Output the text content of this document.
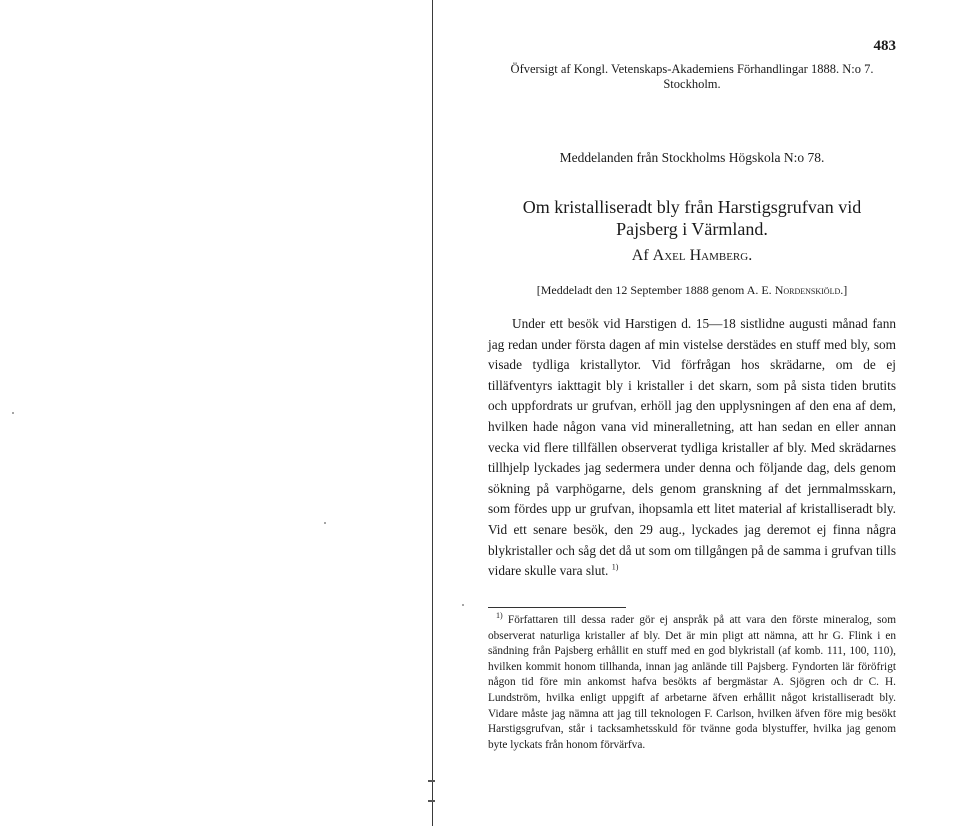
483
Öfversigt af Kongl. Vetenskaps-Akademiens Förhandlingar 1888. N:o 7.
Stockholm.
Meddelanden från Stockholms Högskola N:o 78.
Om kristalliseradt bly från Harstigsgrufvan vid
Pajsberg i Värmland.
Af Axel Hamberg.
[Meddeladt den 12 September 1888 genom A. E. Nordenskiöld.]

Under ett besök vid Harstigen d. 15—18 sistlidne augusti månad fann jag redan under första dagen af min vistelse derstädes en stuff med bly, som visade tydliga kristallytor. Vid förfrågan hos skrädarne, om de ej tilläfventyrs iakttagit bly i kristaller i det skarn, som på sista tiden brutits och uppfordrats ur grufvan, erhöll jag den upplysningen af den ena af dem, hvilken hade någon vana vid mineralletning, att han sedan en eller annan vecka vid flere tillfällen observerat tydliga kristaller af bly. Med skrädarnes tillhjelp lyckades jag sedermera under denna och följande dag, dels genom sökning på varphögarne, dels genom granskning af det jernmalmsskarn, som fördes upp ur grufvan, ihopsamla ett litet material af kristalliseradt bly. Vid ett senare besök, den 29 aug., lyckades jag deremot ej finna några blykristaller och såg det då ut som om tillgången på de samma i grufvan tills vidare skulle vara slut. $^{1)}$

$^{1)}$ Författaren till dessa rader gör ej anspråk på att vara den förste mineralog, som observerat naturliga kristaller af bly. Det är min pligt att nämna, att hr G. Flink i en sändning från Pajsberg erhållit en stuff med en god blykristall (af komb. 111, 100, 110), hvilken kommit honom tillhanda, innan jag anlände till Pajsberg. Fyndorten lär föröfrigt någon tid före min ankomst hafva besökts af bergmästar A. Sjögren och dr C. H. Lundström, hvilka enligt uppgift af arbetarne äfven erhållit något kristalliseradt bly. Vidare måste jag nämna att jag till teknologen F. Carlson, hvilken äfven före mig besökt Harstigsgrufvan, står i tacksamhetsskuld för tvänne goda blystuffer, hvilka jag genom byte lyckats från honom förvärfva.
